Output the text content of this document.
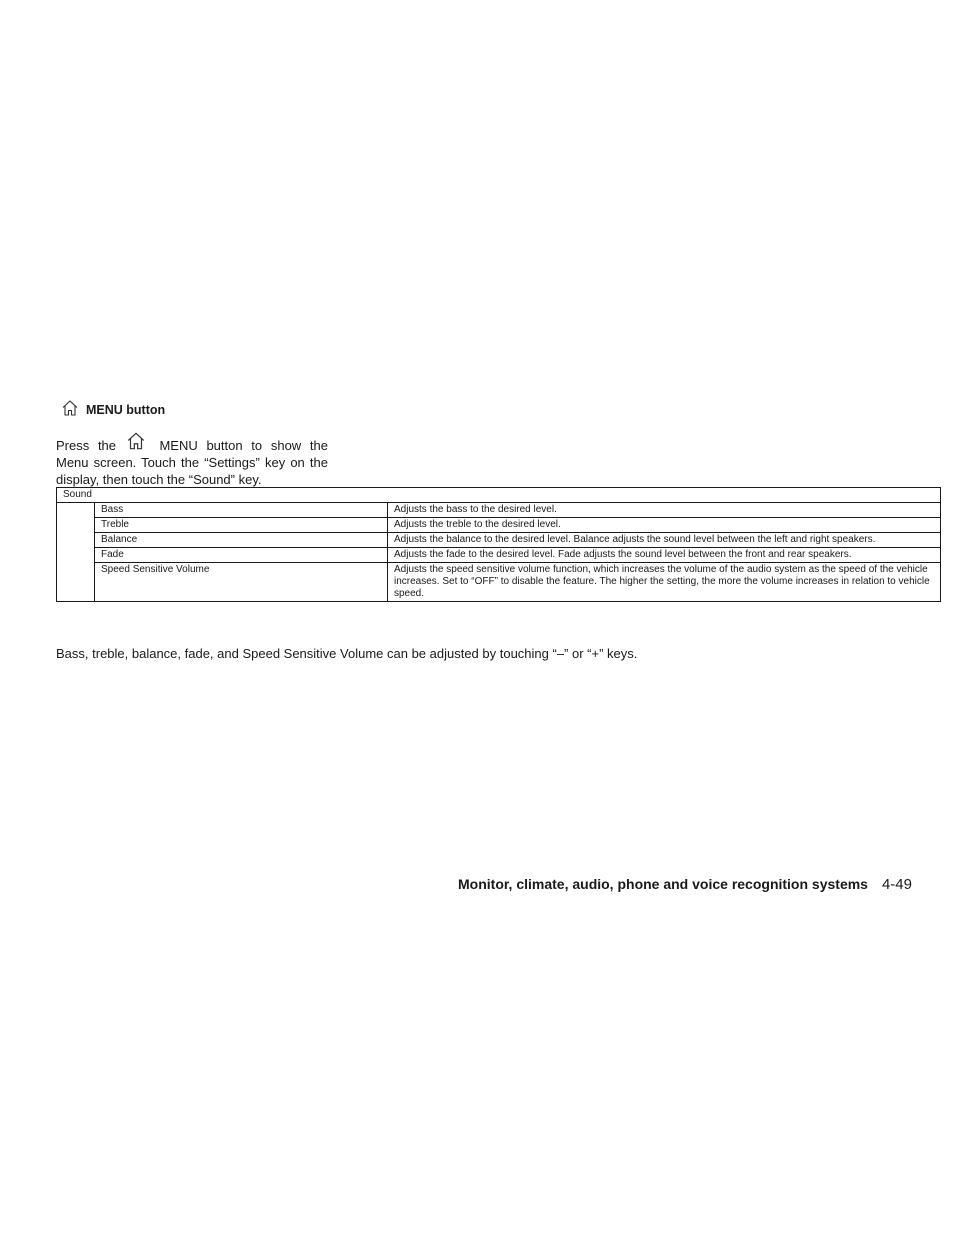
MENU button
Press the	MENU button to show the Menu screen. Touch the “Settings” key on the display, then touch the “Sound” key.
Sound		
	Bass	Adjusts the bass to the desired level.
	Treble	Adjusts the treble to the desired level.
	Balance	Adjusts the balance to the desired level. Balance adjusts the sound level between the left and right speakers.
	Fade	Adjusts the fade to the desired level. Fade adjusts the sound level between the front and rear speakers.
	Speed Sensitive Volume	Adjusts the speed sensitive volume function, which increases the volume of the audio system as the speed of the vehicle increases. Set to “OFF” to disable the feature. The higher the setting, the more the volume increases in relation to vehicle speed.
Bass, treble, balance, fade, and Speed Sensitive Volume can be adjusted by touching “–” or “+” keys.
Monitor, climate, audio, phone and voice recognition systems 4-49
